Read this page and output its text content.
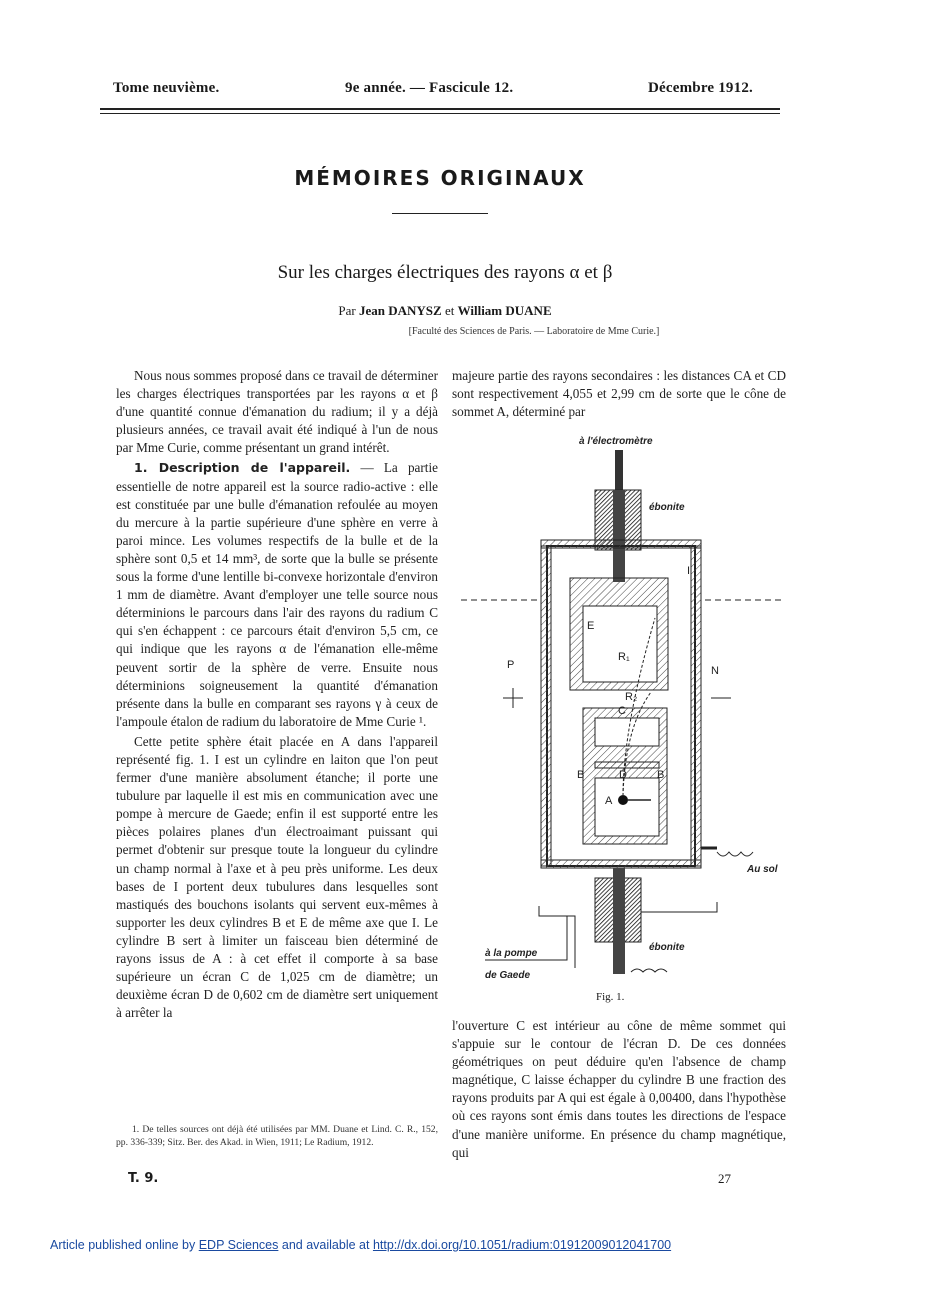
Tome neuvième.	9e année. — Fascicule 12.	Décembre 1912.
MÉMOIRES ORIGINAUX
Sur les charges électriques des rayons α et β
Par Jean DANYSZ et William DUANE
[Faculté des Sciences de Paris. — Laboratoire de Mme Curie.]

Nous nous sommes proposé dans ce travail de déterminer les charges électriques transportées par les rayons α et β d'une quantité connue d'émanation du radium; il y a déjà plusieurs années, ce travail avait été indiqué à l'un de nous par Mme Curie, comme présentant un grand intérêt.

1. Description de l'appareil. — La partie essentielle de notre appareil est la source radio-active : elle est constituée par une bulle d'émanation refoulée au moyen du mercure à la partie supérieure d'une sphère en verre à paroi mince. Les volumes respectifs de la bulle et de la sphère sont 0,5 et 14 mm³, de sorte que la bulle se présente sous la forme d'une lentille bi-convexe horizontale d'environ 1 mm de diamètre. Avant d'employer une telle source nous déterminions le parcours dans l'air des rayons du radium C qui s'en échappent : ce parcours était d'environ 5,5 cm, ce qui indique que les rayons α de l'émanation elle-même peuvent sortir de la sphère de verre. Ensuite nous déterminions soigneusement la quantité d'émanation présente dans la bulle en comparant ses rayons γ à ceux de l'ampoule étalon de radium du laboratoire de Mme Curie ¹.

Cette petite sphère était placée en A dans l'appareil représenté fig. 1. I est un cylindre en laiton que l'on peut fermer d'une manière absolument étanche; il porte une tubulure par laquelle il est mis en communication avec une pompe à mercure de Gaede; enfin il est supporté entre les pièces polaires planes d'un électroaimant puissant qui permet d'obtenir sur presque toute la longueur du cylindre un champ normal à l'axe et à peu près uniforme. Les deux bases de I portent deux tubulures dans lesquelles sont mastiqués des bouchons isolants qui servent eux-mêmes à supporter les deux cylindres B et E de même axe que I. Le cylindre B sert à limiter un faisceau bien déterminé de rayons issus de A : à cet effet il comporte à sa base supérieure un écran C de 1,025 cm de diamètre; un deuxième écran D de 0,602 cm de diamètre sert uniquement à arrêter la

1. De telles sources ont déjà été utilisées par MM. Duane et Lind. C. R., 152, pp. 336-339; Sitz. Ber. des Akad. in Wien, 1911; Le Radium, 1912.

majeure partie des rayons secondaires : les distances CA et CD sont respectivement 4,055 et 2,99 cm de sorte que le cône de sommet A, déterminé par

à l'électromètre
ébonite
I	I
E
B	B
D
C
A
R₁
R₂
P	N
Au sol
ébonite
à la pompe
de Gaede
Fig. 1.

l'ouverture C est intérieur au cône de même sommet qui s'appuie sur le contour de l'écran D. De ces données géométriques on peut déduire qu'en l'absence de champ magnétique, C laisse échapper du cylindre B une fraction des rayons produits par A qui est égale à 0,00400, dans l'hypothèse où ces rayons sont émis dans toutes les directions de l'espace d'une manière uniforme. En présence du champ magnétique, qui

T. 9.	27
Article published online by EDP Sciences and available at http://dx.doi.org/10.1051/radium:01912009012041700
